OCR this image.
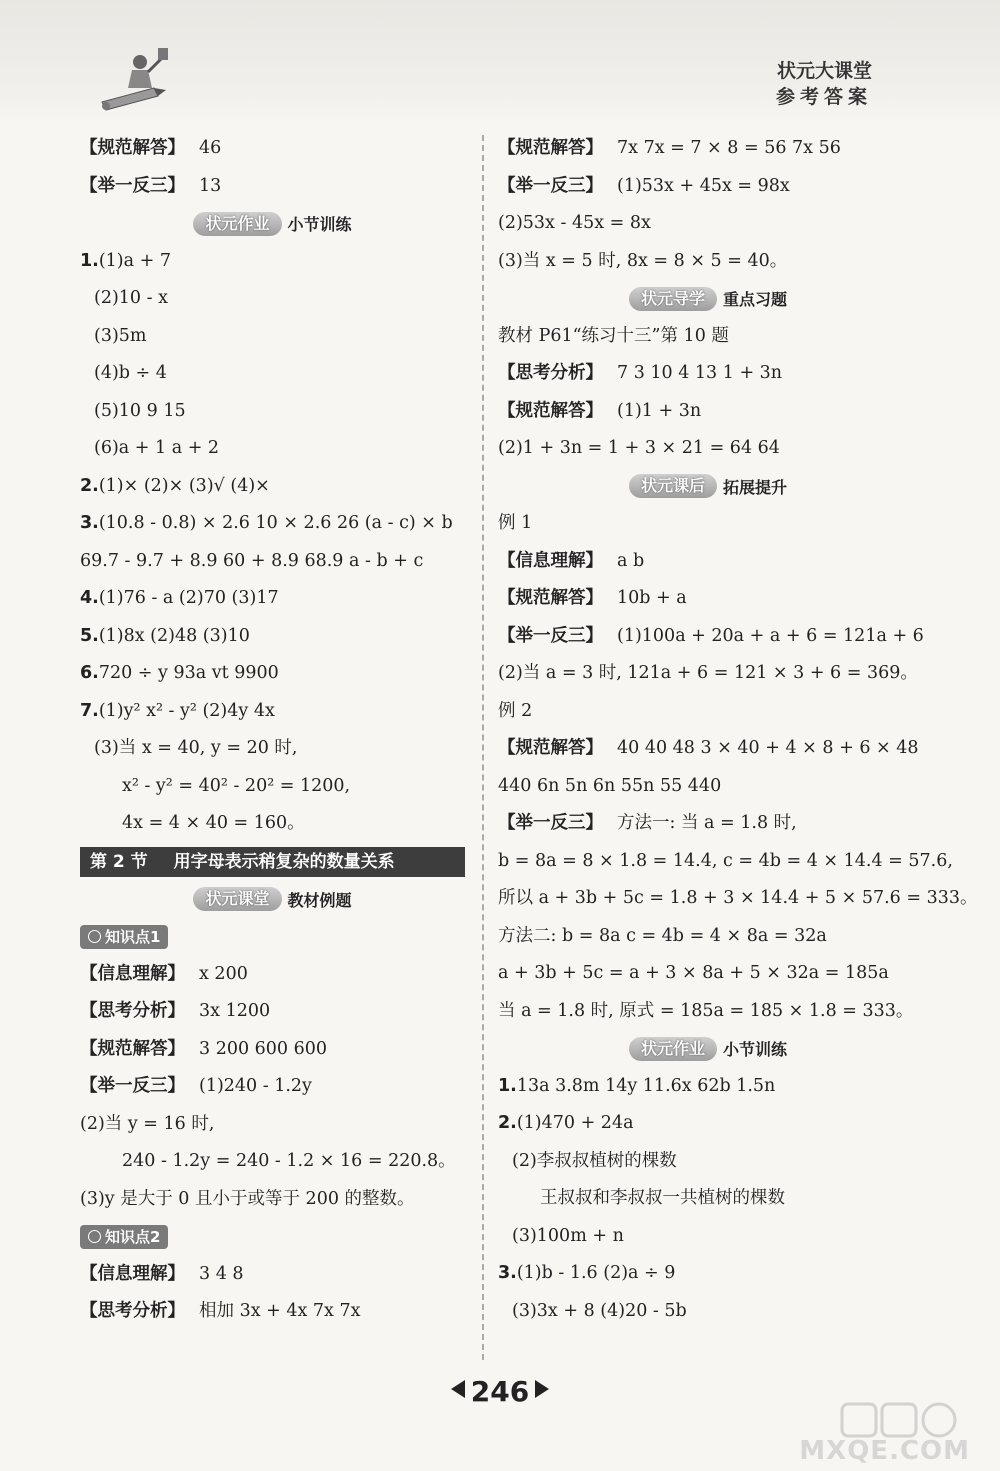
状元大课堂
参考答案
【规范解答】 46
【举一反三】 13
状元作业	小节训练
1.(1)a + 7
(2)10 - x
(3)5m
(4)b ÷ 4
(5)10 9 15
(6)a + 1 a + 2
2.(1)× (2)× (3)√ (4)×
3.(10.8 - 0.8) × 2.6 10 × 2.6 26 (a - c) × b
69.7 - 9.7 + 8.9 60 + 8.9 68.9 a - b + c
4.(1)76 - a (2)70 (3)17
5.(1)8x (2)48 (3)10
6.720 ÷ y 93a vt 9900
7.(1)y² x² - y² (2)4y 4x
(3)当 x = 40, y = 20 时,
x² - y² = 40² - 20² = 1200,
4x = 4 × 40 = 160。
第 2 节 用字母表示稍复杂的数量关系
状元课堂	教材例题
知识点1
【信息理解】 x 200
【思考分析】 3x 1200
【规范解答】 3 200 600 600
【举一反三】 (1)240 - 1.2y
(2)当 y = 16 时,
240 - 1.2y = 240 - 1.2 × 16 = 220.8。
(3)y 是大于 0 且小于或等于 200 的整数。
知识点2
【信息理解】 3 4 8
【思考分析】 相加 3x + 4x 7x 7x
【规范解答】 7x 7x = 7 × 8 = 56 7x 56
【举一反三】 (1)53x + 45x = 98x
(2)53x - 45x = 8x
(3)当 x = 5 时, 8x = 8 × 5 = 40。
状元导学	重点习题
教材 P61“练习十三”第 10 题
【思考分析】 7 3 10 4 13 1 + 3n
【规范解答】 (1)1 + 3n
(2)1 + 3n = 1 + 3 × 21 = 64 64
状元课后	拓展提升
例 1
【信息理解】 a b
【规范解答】 10b + a
【举一反三】 (1)100a + 20a + a + 6 = 121a + 6
(2)当 a = 3 时, 121a + 6 = 121 × 3 + 6 = 369。
例 2
【规范解答】 40 40 48 3 × 40 + 4 × 8 + 6 × 48
440 6n 5n 6n 55n 55 440
【举一反三】 方法一: 当 a = 1.8 时,
b = 8a = 8 × 1.8 = 14.4, c = 4b = 4 × 14.4 = 57.6,
所以 a + 3b + 5c = 1.8 + 3 × 14.4 + 5 × 57.6 = 333。
方法二: b = 8a c = 4b = 4 × 8a = 32a
a + 3b + 5c = a + 3 × 8a + 5 × 32a = 185a
当 a = 1.8 时, 原式 = 185a = 185 × 1.8 = 333。
状元作业	小节训练
1.13a 3.8m 14y 11.6x 62b 1.5n
2.(1)470 + 24a
(2)李叔叔植树的棵数
王叔叔和李叔叔一共植树的棵数
(3)100m + n
3.(1)b - 1.6 (2)a ÷ 9
(3)3x + 8 (4)20 - 5b
246
MXQE.COM
